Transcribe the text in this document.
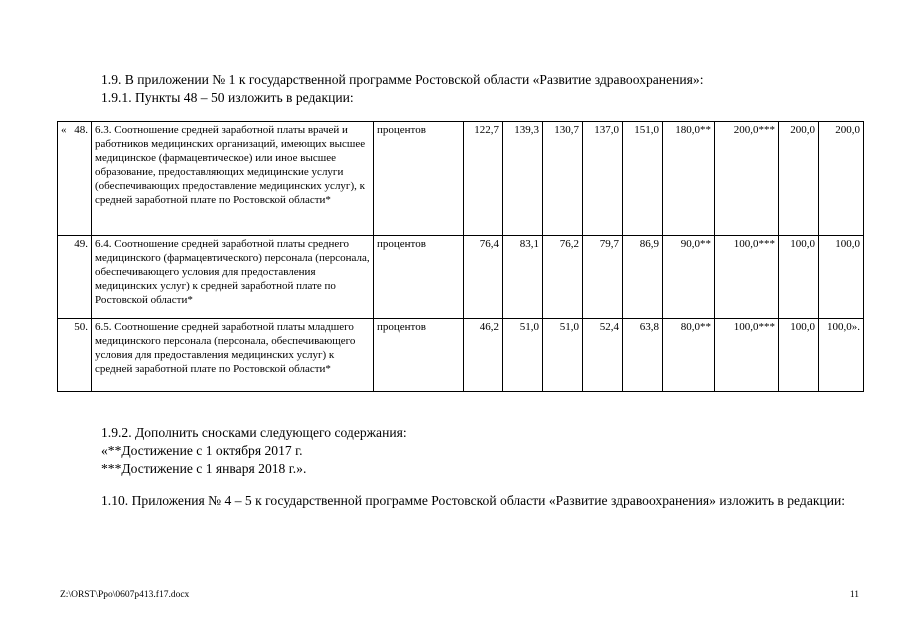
1.9. В приложении № 1 к государственной программе Ростовской области «Развитие здравоохранения»:
1.9.1. Пункты 48 – 50 изложить в редакции:
« 48.	6.3. Соотношение средней заработной платы врачей и работников медицинских организаций, имеющих высшее медицинское (фармацевтическое) или иное высшее образование, предоставляющих медицинские услуги (обеспечивающих предоставление медицинских услуг), к средней заработной плате по Ростовской области*	процентов	122,7	139,3	130,7	137,0	151,0	180,0**	200,0***	200,0	200,0
49.	6.4. Соотношение средней заработной платы среднего медицинского (фармацевтического) персонала (персонала, обеспечивающего условия для предоставления медицинских услуг) к средней заработной плате по Ростовской области*	процентов	76,4	83,1	76,2	79,7	86,9	90,0**	100,0***	100,0	100,0
50.	6.5. Соотношение средней заработной платы младшего медицинского персонала (персонала, обеспечивающего условия для предоставления медицинских услуг) к средней заработной плате по Ростовской области*	процентов	46,2	51,0	51,0	52,4	63,8	80,0**	100,0***	100,0	100,0».
1.9.2. Дополнить сносками следующего содержания:
«**Достижение с 1 октября 2017 г.
***Достижение с 1 января 2018 г.».
1.10. Приложения № 4 – 5 к государственной программе Ростовской области «Развитие здравоохранения» изложить в редакции:
Z:\ORST\Ppo\0607p413.f17.docx	11
